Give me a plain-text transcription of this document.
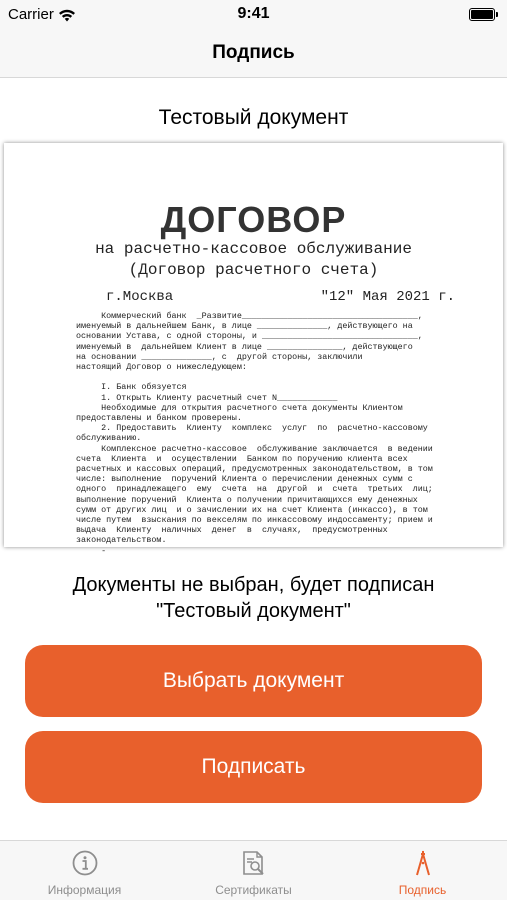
Carrier	9:41
Подпись
Тестовый документ
ДОГОВОР
на расчетно-кассовое обслуживание
(Договор расчетного счета)
г.Москва	"12" Мая 2021 г.

Коммерческий банк  _Развитие___________________________________,

именуемый в дальнейшем Банк, в лице ______________, действующего на

основании Устава, с одной стороны, и _______________________________,

именуемый в  дальнейшем Клиент в лице _______________, действующего

на основании ______________, с  другой стороны, заключили

настоящий Договор о нижеследующем:

I. Банк обязуется

1. Открыть Клиенту расчетный счет N____________

Необходимые для открытия расчетного счета документы Клиентом

предоставлены и банком проверены.

2. Предоставить  Клиенту  комплекс  услуг  по  расчетно-кассовому

обслуживанию.

Комплексное расчетно-кассовое  обслуживание заключается  в ведении

счета  Клиента  и  осуществлении  Банком по поручению клиента всех

расчетных и кассовых операций, предусмотренных законодательством, в том

числе: выполнение  поручений Клиента о перечислении денежных сумм с

одного  принадлежащего  ему  счета  на  другой  и  счета  третьих  лиц;

выполнение поручений  Клиента о получении причитающихся ему денежных

сумм от других лиц  и о зачислении их на счет Клиента (инкассо), в том

числе путем  взыскания по векселям по инкассовому индоссаменту; прием и

выдача  Клиенту  наличных  денег  в  случаях,  предусмотренных

законодательством.

-

Документы не выбран, будет подписан
"Тестовый документ"
Выбрать документ
Подписать
Информация	Сертификаты	Подпись
